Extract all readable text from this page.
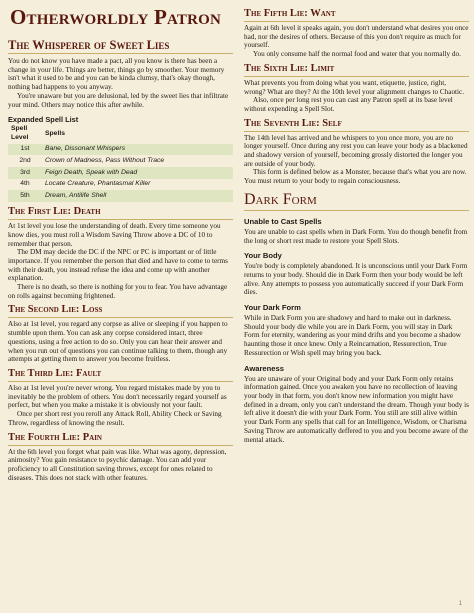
Otherworldly Patron
The Whisperer of Sweet Lies

You do not know you have made a pact, all you know is there has been a change in your life. Things are better, things go by smoother. Your memory isn't what it used to be and you can be kinda clumsy, that's okay though, nothing bad happens to you anyway.

You're unaware but you are delusional, led by the sweet lies that infiltrate your mind. Others may notice this after awhile.

Expanded Spell List
Spell Level	Spells
1st	Bane, Dissonant Whispers
2nd	Crown of Madness, Pass Without Trace
3rd	Feign Death, Speak with Dead
4th	Locate Creature, Phantasmal Killer
5th	Dream, Antilife Shell
The First Lie: Death

At 1st level you lose the understanding of death. Every time someone you know dies, you must roll a Wisdom Saving Throw above a DC of 10 to remember that person.

The DM may decide the DC if the NPC or PC is important or of little importance. If you remember the person that died and have to come to terms with their death, you instead refuse the idea and come up with another explanation.

There is no death, so there is nothing for you to fear. You have advantage on rolls against becoming frightened.

The Second Lie: Loss

Also at 1st level, you regard any corpse as alive or sleeping if you happen to stumble upon them. You can ask any corpse considered intact, three questions, using a free action to do so. Only you can hear their answer and when you run out of questions you can continue talking to them, though any attempts at getting them to answer you become fruitless.

The Third Lie: Fault

Also at 1st level you're never wrong. You regard mistakes made by you to inevitably be the problem of others. You don't necessarily regard yourself as perfect, but when you make a mistake it is obviously not your fault.

Once per short rest you reroll any Attack Roll, Ability Check or Saving Throw, regardless of knowing the result.

The Fourth Lie: Pain

At the 6th level you forget what pain was like. What was agony, depression, animosity? You gain resistance to psychic damage. You can add your proficiency to all Constitution saving throws, except for ones related to diseases. This does not stack with other features.

The Fifth Lie: Want

Again at 6th level it speaks again, you don't understand what desires you once had, nor the desires of others. Because of this you don't require as much for yourself.

You only consume half the normal food and water that you normally do.

The Sixth Lie: Limit

What prevents you from doing what you want, etiquette, justice, right, wrong? What are they? At the 10th level your alignment changes to Chaotic.

Also, once per long rest you can cast any Patron spell at its base level without expending a Spell Slot.

The Seventh Lie: Self

The 14th level has arrived and he whispers to you once more, you are no longer yourself. Once during any rest you can leave your body as a blackened and shadowy version of yourself, becoming grossly distorted the longer you are outside of your body.

This form is defined below as a Monster, because that's what you are now. You must return to your body to regain consciousness.

Dark Form
Unable to Cast Spells

You are unable to cast spells when in Dark Form. You do though benefit from the long or short rest made to restore your Spell Slots.

Your Body

You're body is completely abandoned. It is unconscious until your Dark Form returns to your body. Should die in Dark Form then your body would be left alive. Any attempts to possess you automatically succeed if your Dark Form dies.

Your Dark Form

While in Dark Form you are shadowy and hard to make out in darkness. Should your body die while you are in Dark Form, you will stay in Dark Form for eternity, wandering as your mind drifts and you become a shadow haunting those it once knew. Only a Reincarnation, Ressurection, True Ressurection or Wish spell may bring you back.

Awareness

You are unaware of your Original body and your Dark Form only retains information gained. Once you awaken you have no recollection of leaving your body in that form, you don't know new information you might have defined in a dream, only you can't understand the dream. Though your body is left alive it doesn't die with your Dark Form. You still are still alive within your Dark Form any spells that call for an Intelligence, Wisdom, or Charisma Saving Throw are automatically deffered to you and you become aware of the mental attack.

1
